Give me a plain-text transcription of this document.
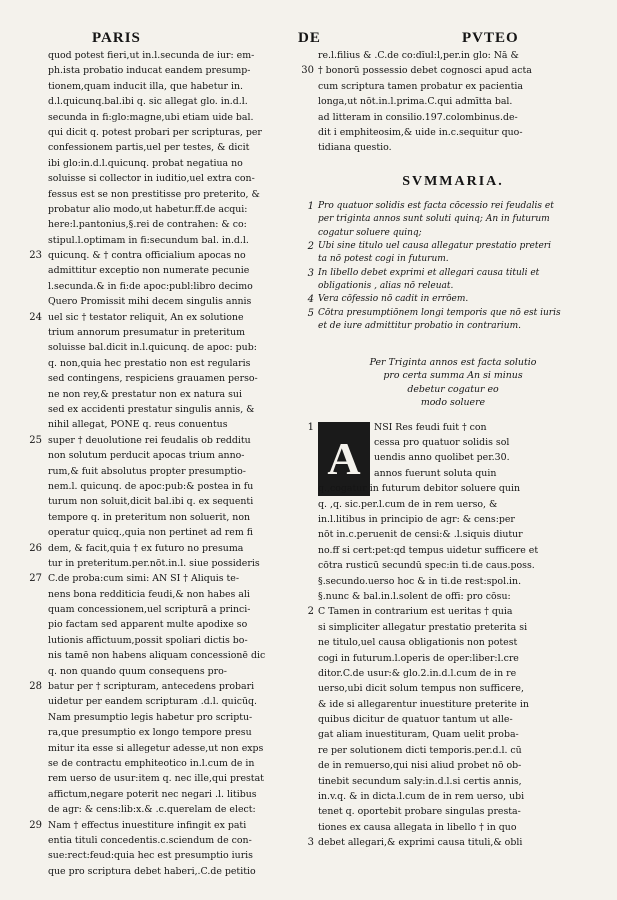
PARIS	DE	PVTEO
quod potest fieri,ut in.l.secunda de iur: em-
ph.ista probatio inducat eandem presump-
tionem,quam inducit illa, que habetur in.
d.l.quicunq.bal.ibi q. sic allegat glo. in.d.l.
secunda in fi:glo:magne,ubi etiam uide bal.
qui dicit q. potest probari per scripturas, per
confessionem partis,uel per testes, & dicit
ibi glo:in.d.l.quicunq. probat negatiua no
soluisse si collector in iuditio,uel extra con-
fessus est se non prestitisse pro preterito, &
probatur alio modo,ut habetur.ff.de acqui:
here:l.pantonius,§.rei de contrahen: & co:
stipul.l.optimam in fi:secundum bal. in.d.l.
23 quicunq. & † contra officialium apocas no
admittitur exceptio non numerate pecunie
l.secunda.& in fi:de apoc:publ:libro decimo
Quero Promissit mihi decem singulis annis
24 uel sic † testator reliquit, An ex solutione
trium annorum presumatur in preteritum
soluisse bal.dicit in.l.quicunq. de apoc: pub:
q. non,quia hec prestatio non est regularis
sed contingens, respiciens grauamen perso-
ne non rey,& prestatur non ex natura sui
sed ex accidenti prestatur singulis annis, &
nihil allegat, PONE q. reus conuentus
25 super † deuolutione rei feudalis ob redditu
non solutum perducit apocas trium anno-
rum,& fuit absolutus propter presumptio-
nem.l. quicunq. de apoc:pub:& postea in fu
turum non soluit,dicit bal.ibi q. ex sequenti
tempore q. in preteritum non soluerit, non
operatur quicq.,quia non pertinet ad rem fi
26 dem, & facit,quia † ex futuro no presuma
tur in preteritum.per.nōt.in.l. siue possideris
27 C.de proba:cum simi: AN SI † Aliquis te-
nens bona redditicia feudi,& non habes ali
quam concessionem,uel scripturā a princi-
pio factam sed apparent multe apodixe so
lutionis affictuum,possit spoliari dictis bo-
nis tamē non habens aliquam concessionē dic
q. non quando quum consequens pro-
28 batur per † scripturam, antecedens probari
uidetur per eandem scripturam .d.l. quicūq.
Nam presumptio legis habetur pro scriptu-
ra,que presumptio ex longo tempore presu
mitur ita esse si allegetur adesse,ut non exps
se de contractu emphiteotico in.l.cum de in
rem uerso de usur:item q. nec ille,qui prestat
affictum,negare poterit nec negari .l. litibus
de agr: & cens:lib:x.& .c.querelam de elect:
29 Nam † effectus inuestiture infingit ex pati
entia tituli concedentis.c.sciendum de con-
sue:rect:feud:quia hec est presumptio iuris
que pro scriptura debet haberi,.C.de petitio
re.l.filius & .C.de co:dīul:l,per.in glo: Nā &
30 † bonorū possessio debet cognosci apud acta
cum scriptura tamen probatur ex pacientia
longa,ut nōt.in.l.prima.C.qui admītta bal.
ad litteram in consilio.197.colombinus.de-
dit i emphiteosim,& uide in.c.sequitur quo-
tidiana questio.
SVMMARIA.
1 Pro quatuor solidis est facta cōcessio rei feudalis et
per triginta annos sunt soluti quinq; An in futurum
cogatur soluere quinq;
2 Ubi sine titulo uel causa allegatur prestatio preteri
ta nō potest cogi in futurum.
3 In libello debet exprimi et allegari causa tituli et
obligationis , alias nō releuat.
4 Vera cōfessio nō cadit in errōem.
5 Cōtra presumptiōnem longi temporis que nō est iuris
et de iure admittitur probatio in contrarium.
Per Triginta annos est facta solutio
pro certa summa An si minus
debetur cogatur eo
modo soluere
A
1	NSI Res feudi fuit † con
cessa pro quatuor solidis sol
uendis anno quolibet per.30.
annos fuerunt soluta quin
q.,cogatur in futurum debitor soluere quin
q. ,q. sic.per.l.cum de in rem uerso, &
in.l.litibus in principio de agr: & cens:per
nōt in.c.peruenit de censi:& .l.siquis diutur
no.ff si cert:pet:qd tempus uidetur sufficere et
cōtra rusticū secundū spec:in ti.de caus.poss.
§.secundo.uerso hoc & in ti.de rest:spol.in.
§.nunc & bal.in.l.solent de offi: pro cōsu:
2 C Tamen in contrarium est ueritas † quia
si simpliciter allegatur prestatio preterita si
ne titulo,uel causa obligationis non potest
cogi in futurum.l.operis de oper:liber:l.cre
ditor.C.de usur:& glo.2.in.d.l.cum de in re
uerso,ubi dicit solum tempus non sufficere,
& ide si allegarentur inuestiture preterite in
quibus dicitur de quatuor tantum ut alle-
gat aliam inuestituram, Quam uelit proba-
re per solutionem dicti temporis.per.d.l. cū
de in remuerso,qui nisi aliud probet nō ob-
tinebit secundum saly:in.d.l.si certis annis,
in.v.q. & in dicta.l.cum de in rem uerso, ubi
tenet q. oportebit probare singulas presta-
tiones ex causa allegata in libello † in quo
3 debet allegari,& exprimi causa tituli,& obli
